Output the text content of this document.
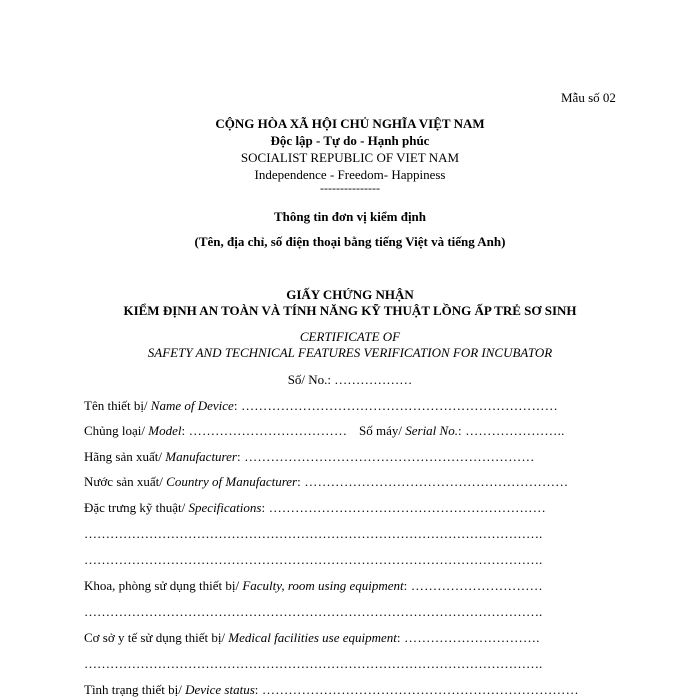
Mẫu số 02
CỘNG HÒA XÃ HỘI CHỦ NGHĨA VIỆT NAM
Độc lập - Tự do - Hạnh phúc
SOCIALIST REPUBLIC OF VIET NAM
Independence - Freedom- Happiness
---------------
Thông tin đơn vị kiểm định
(Tên, địa chỉ, số điện thoại bằng tiếng Việt và tiếng Anh)
GIẤY CHỨNG NHẬN
KIỂM ĐỊNH AN TOÀN VÀ TÍNH NĂNG KỸ THUẬT LỒNG ẤP TRẺ SƠ SINH
CERTIFICATE OF
SAFETY AND TECHNICAL FEATURES VERIFICATION FOR INCUBATOR
Số/ No.: ………………
Tên thiết bị/ Name of Device: ………………………………………………………………
Chủng loại/ Model: ……………………………… Số máy/ Serial No.: …………………..
Hãng sản xuất/ Manufacturer: …………………………………………………………
Nước sản xuất/ Country of Manufacturer: ……………………………………………………
Đặc trưng kỹ thuật/ Specifications: ………………………………………………………
…………………………………………………………………………………………….
…………………………………………………………………………………………….
Khoa, phòng sử dụng thiết bị/ Faculty, room using equipment: …………………………
…………………………………………………………………………………………….
Cơ sở y tế sử dụng thiết bị/ Medical facilities use equipment: ………………………….
…………………………………………………………………………………………….
Tình trạng thiết bị/ Device status: ………………………………………………………………
